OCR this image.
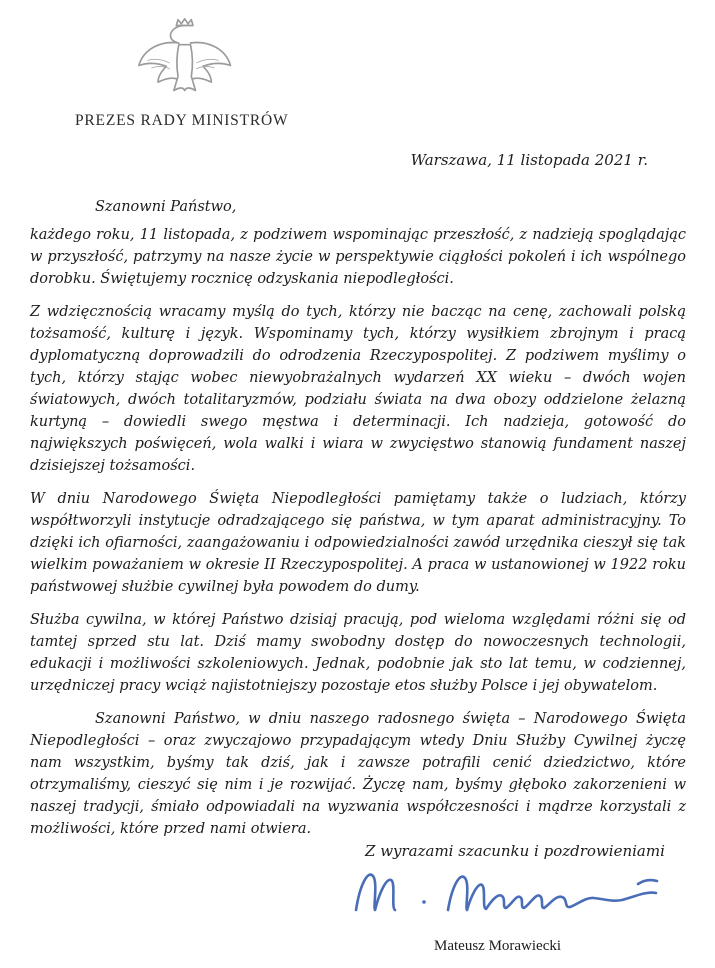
PREZES RADY MINISTRÓW
Warszawa, 11 listopada 2021 r.
Szanowni Państwo,

każdego roku, 11 listopada, z podziwem wspominając przeszłość, z nadzieją spoglądając w przyszłość, patrzymy na nasze życie w perspektywie ciągłości pokoleń i ich wspólnego dorobku. Świętujemy rocznicę odzyskania niepodległości.

Z wdzięcznością wracamy myślą do tych, którzy nie bacząc na cenę, zachowali polską tożsamość, kulturę i język. Wspominamy tych, którzy wysiłkiem zbrojnym i pracą dyplomatyczną doprowadzili do odrodzenia Rzeczypospolitej. Z podziwem myślimy o tych, którzy stając wobec niewyobrażalnych wydarzeń XX wieku – dwóch wojen światowych, dwóch totalitaryzmów, podziału świata na dwa obozy oddzielone żelazną kurtyną – dowiedli swego męstwa i determinacji. Ich nadzieja, gotowość do największych poświęceń, wola walki i wiara w zwycięstwo stanowią fundament naszej dzisiejszej tożsamości.

W dniu Narodowego Święta Niepodległości pamiętamy także o ludziach, którzy współtworzyli instytucje odradzającego się państwa, w tym aparat administracyjny. To dzięki ich ofiarności, zaangażowaniu i odpowiedzialności zawód urzędnika cieszył się tak wielkim poważaniem w okresie II Rzeczypospolitej. A praca w ustanowionej w 1922 roku państwowej służbie cywilnej była powodem do dumy.

Służba cywilna, w której Państwo dzisiaj pracują, pod wieloma względami różni się od tamtej sprzed stu lat. Dziś mamy swobodny dostęp do nowoczesnych technologii, edukacji i możliwości szkoleniowych. Jednak, podobnie jak sto lat temu, w codziennej, urzędniczej pracy wciąż najistotniejszy pozostaje etos służby Polsce i jej obywatelom.

Szanowni Państwo, w dniu naszego radosnego święta – Narodowego Święta Niepodległości – oraz zwyczajowo przypadającym wtedy Dniu Służby Cywilnej życzę nam wszystkim, byśmy tak dziś, jak i zawsze potrafili cenić dziedzictwo, które otrzymaliśmy, cieszyć się nim i je rozwijać. Życzę nam, byśmy głęboko zakorzenieni w naszej tradycji, śmiało odpowiadali na wyzwania współczesności i mądrze korzystali z możliwości, które przed nami otwiera.

Z wyrazami szacunku i pozdrowieniami
Mateusz Morawiecki
